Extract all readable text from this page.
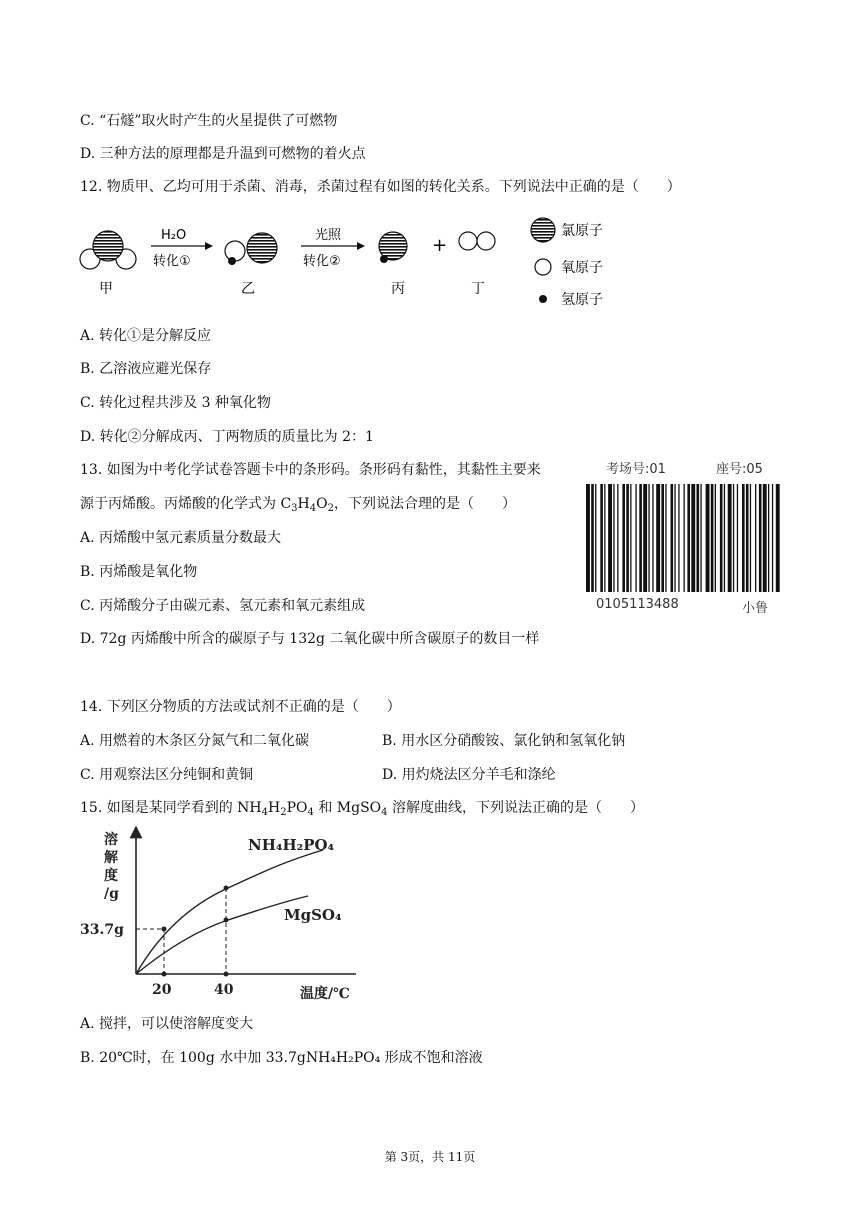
C. “石燧”取火时产生的火星提供了可燃物
D. 三种方法的原理都是升温到可燃物的着火点
12. 物质甲、乙均可用于杀菌、消毒，杀菌过程有如图的转化关系。下列说法中正确的是（　　）
甲
H₂O
转化①
乙
光照
转化②
丙
+
丁
氯原子
氧原子
氢原子
A. 转化①是分解反应
B. 乙溶液应避光保存
C. 转化过程共涉及 3 种氧化物
D. 转化②分解成丙、丁两物质的质量比为 2：1
13. 如图为中考化学试卷答题卡中的条形码。条形码有黏性，其黏性主要来
源于丙烯酸。丙烯酸的化学式为 $C_3H_4O_2$，下列说法合理的是（　　）
A. 丙烯酸中氢元素质量分数最大
B. 丙烯酸是氧化物
C. 丙烯酸分子由碳元素、氢元素和氧元素组成
D. 72g 丙烯酸中所含的碳原子与 132g 二氧化碳中所含碳原子的数目一样
考场号:01	座号:05
0105113488	小鲁
14. 下列区分物质的方法或试剂不正确的是（　　）
A. 用燃着的木条区分氮气和二氧化碳	B. 用水区分硝酸铵、氯化钠和氢氧化钠
C. 用观察法区分纯铜和黄铜	D. 用灼烧法区分羊毛和涤纶
15. 如图是某同学看到的 $NH_4H_2PO_4$ 和 MgSO$_4$ 溶解度曲线，下列说法正确的是（　　）
溶
解
度
/g
33.7g
20	40	温度/℃
NH₄H₂PO₄
MgSO₄
A. 搅拌，可以使溶解度变大
B. 20℃时，在 100g 水中加 33.7gNH₄H₂PO₄ 形成不饱和溶液
第 3页，共 11页
